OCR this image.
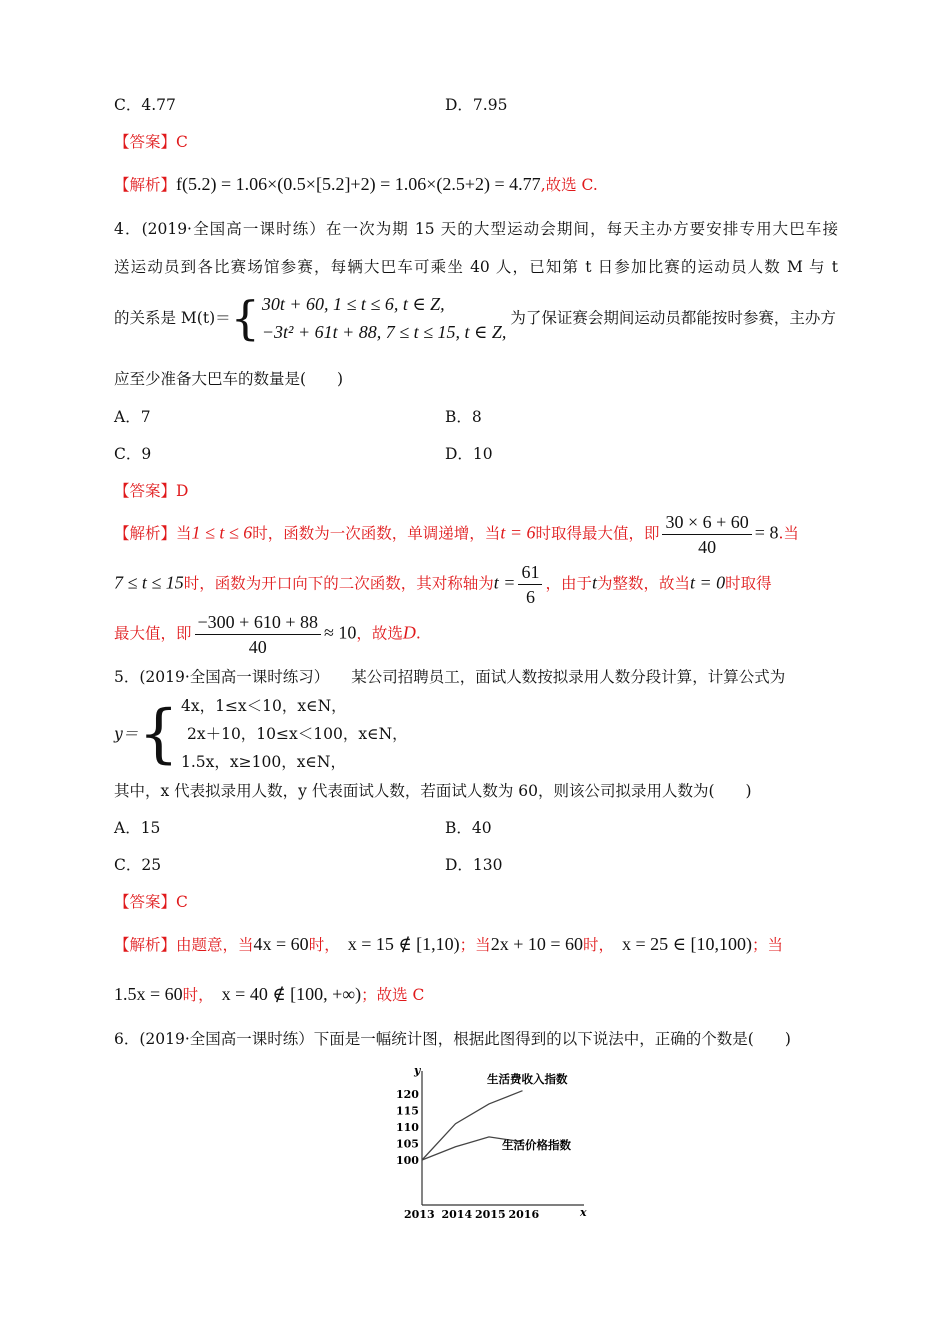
C．4.77	D．7.95
【答案】C
【解析】f(5.2) = 1.06×(0.5×[5.2]+2) = 1.06×(2.5+2) = 4.77,故选 C.
4．(2019·全国高一课时练）在一次为期 15 天的大型运动会期间，每天主办方要安排专用大巴车接
送运动员到各比赛场馆参赛，每辆大巴车可乘坐 40 人，已知第 t 日参加比赛的运动员人数 M 与 t
的关系是 M(t)＝{ 30t + 60, 1 ≤ t ≤ 6, t ∈ Z,
−3t² + 61t + 88, 7 ≤ t ≤ 15, t ∈ Z,
为了保证赛会期间运动员都能按时参赛，主办方
应至少准备大巴车的数量是(　　)
A．7	B．8
C．9	D．10
【答案】D
【解析】当1 ≤ t ≤ 6时，函数为一次函数，单调递增，当t = 6时取得最大值，即 $\frac{30 \times 6 + 60}{40} = 8$.当
7 ≤ t ≤ 15时，函数为开口向下的二次函数，其对称轴为$t = \frac{61}{6}$ ，由于t为整数，故当t = 0时取得
最大值，即 $\frac{-300 + 610 + 88}{40} \approx 10$，故选D.
5．(2019·全国高一课时练习） 某公司招聘员工，面试人数按拟录用人数分段计算，计算公式为
y＝{ 4x，1≤x＜10，x∈N，
2x＋10，10≤x＜100，x∈N，
1.5x，x≥100，x∈N，
其中，x 代表拟录用人数，y 代表面试人数，若面试人数为 60，则该公司拟录用人数为(　　)
A．15	B．40
C．25	D．130
【答案】C
【解析】由题意，当4x = 60时， x = 15 ∉ [1,10)；当2x + 10 = 60时， x = 25 ∈ [10,100)；当
1.5x = 60时， x = 40 ∉ [100, +∞)；故选 C
6．(2019·全国高一课时练）下面是一幅统计图，根据此图得到的以下说法中，正确的个数是(　　)
y
x
100
105
110
115
120
2013 2014 2015 2016
生活费收入指数
生活价格指数
